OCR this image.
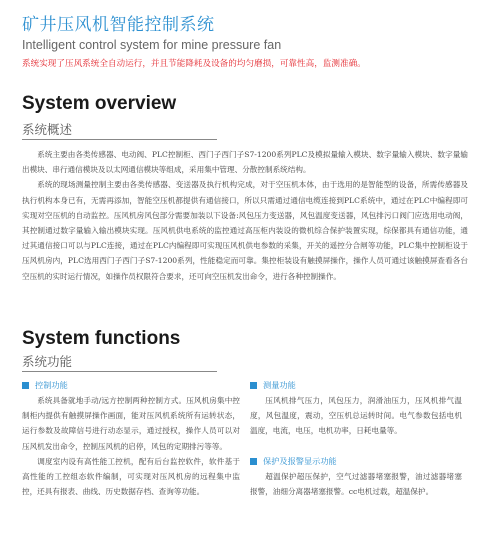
矿井压风机智能控制系统
Intelligent control system for mine pressure fan
系统实现了压风系统全自动运行，并且节能降耗及设备的均匀磨损，可靠性高，监测准确。
System overview
系统概述

系统主要由各类传感器、电动阀、PLC控制柜、西门子西门子S7-1200系列PLC及模拟量输入模块、数字量输入模块、数字量输出模块、串行通信模块及以太网通信模块等组成，采用集中管理、分散控制系统结构。

系统的现场测量控制主要由各类传感器、变送器及执行机构完成，对于空压机本体，由于选用的是智能型的设备，所需传感器及执行机构本身已有，无需再添加，智能空压机都提供有通信接口，所以只需通过通信电缆连接到PLC系统中，通过在PLC中编程即可实现对空压机的自动监控。压风机房风包部分需要加装以下设备:风包压力变送器，风包温度变送器，风包排污口阀门应选用电动阀，其控制通过数字量输入输出模块实现。压风机供电系统的监控通过高压柜内装设的微机综合保护装置实现，综保都具有通信功能，通过其通信接口可以与PLC连接，通过在PLC内编程即可实现压风机供电参数的采集，开关的遥控分合闸等功能，PLC集中控制柜设于压风机房内，PLC选用西门子西门子S7-1200系列，性能稳定而可靠。集控柜装设有触摸屏操作，操作人员可通过该触摸屏查看各台空压机的实时运行情况，如操作员权限符合要求，还可向空压机发出命令，进行各种控制操作。

System functions
系统功能
控制功能

系统具备就地手动/远方控制两种控制方式。压风机房集中控制柜内提供有触摸屏操作画面，能对压风机系统所有运转状态，运行参数及故障信号进行动态显示，通过授权，操作人员可以对压风机发出命令，控制压风机的启停，风包的定期排污等等。

调度室内设有高性能工控机，配有后台监控软件，软件基于高性能的工控组态软件编制，可实现对压风机房的远程集中监控，还具有报表、曲线、历史数据存档、查询等功能。

测量功能

压风机排气压力，风包压力，润滑油压力，压风机排气温度，风包温度，震动，空压机总运转时间。电气参数包括电机温度，电流，电压，电机功率，日耗电量等。

保护及报警显示功能

超温保护超压保护，空气过滤器堵塞报警，油过滤器堵塞报警，油细分离器堵塞报警。cc电机过载，超温保护。
